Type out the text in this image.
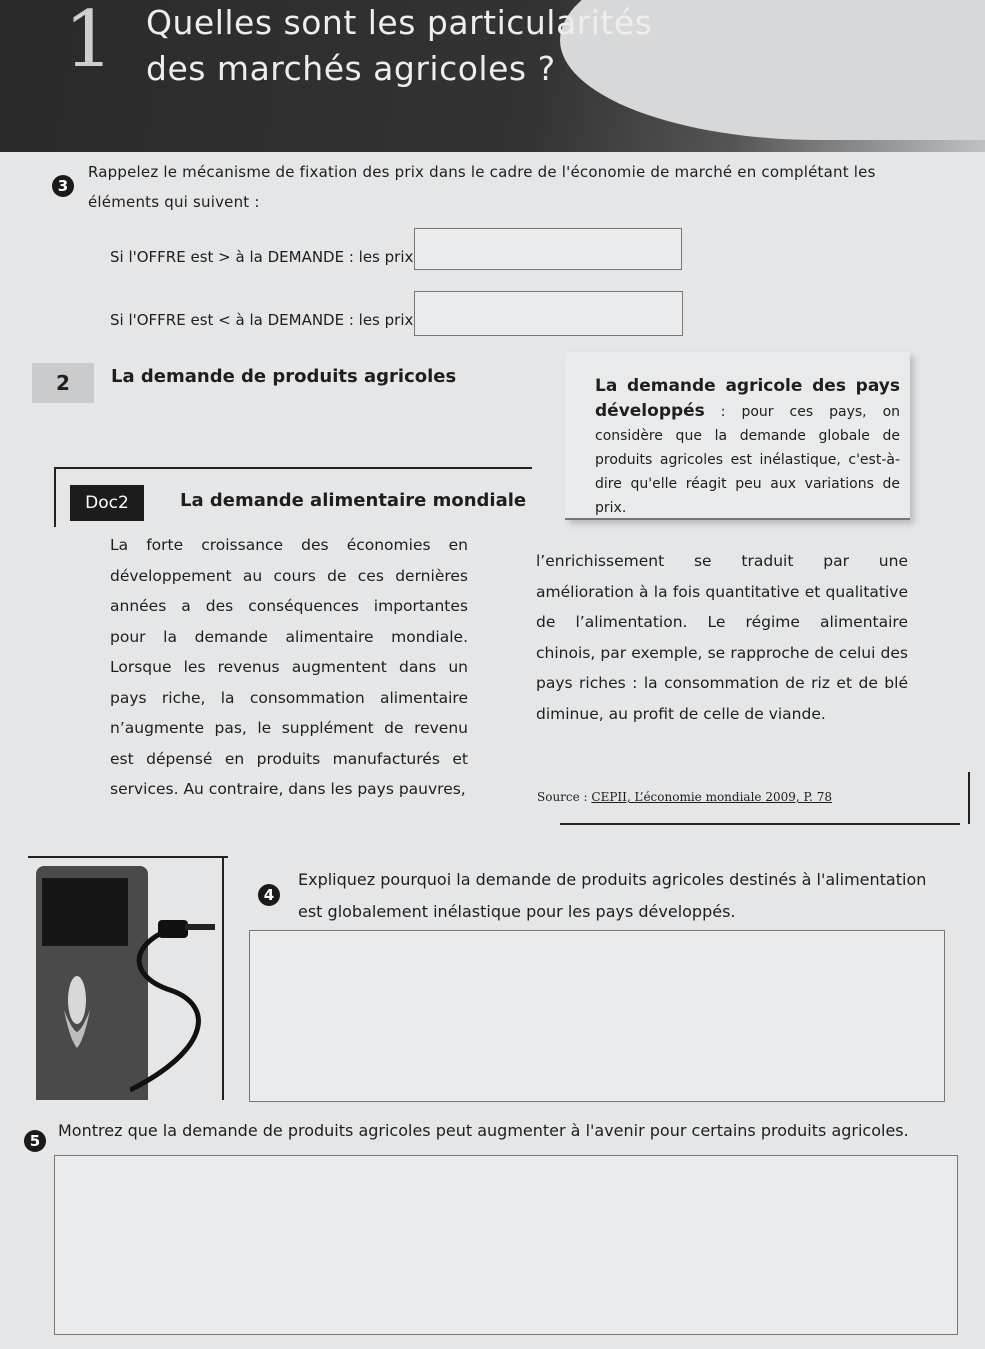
1 Quelles sont les particularités
des marchés agricoles ?
3
Rappelez le mécanisme de fixation des prix dans le cadre de l'économie de marché en complétant les
éléments qui suivent :
Si l'OFFRE est > à la DEMANDE : les prix
Si l'OFFRE est < à la DEMANDE : les prix
2	La demande de produits agricoles	La demande agricole des pays développés : pour ces pays, on considère que la demande globale de produits agricoles est inélastique, c'est-à-dire qu'elle réagit peu aux variations de prix.
Doc2	La demande alimentaire mondiale
La forte croissance des économies en développement au cours de ces dernières années a des conséquences importantes pour la demande alimentaire mondiale. Lorsque les revenus augmentent dans un pays riche, la consommation alimentaire n’augmente pas, le supplément de revenu est dépensé en produits manufacturés et services. Au contraire, dans les pays pauvres,
l’enrichissement se traduit par une amélioration à la fois quantitative et qualitative de l’alimentation. Le régime alimentaire chinois, par exemple, se rapproche de celui des pays riches : la consommation de riz et de blé diminue, au profit de celle de viande.
Source : CEPII, L’économie mondiale 2009, P. 78
4
Expliquez pourquoi la demande de produits agricoles destinés à l'alimentation est globalement inélastique pour les pays développés.
5
Montrez que la demande de produits agricoles peut augmenter à l'avenir pour certains produits agricoles.
